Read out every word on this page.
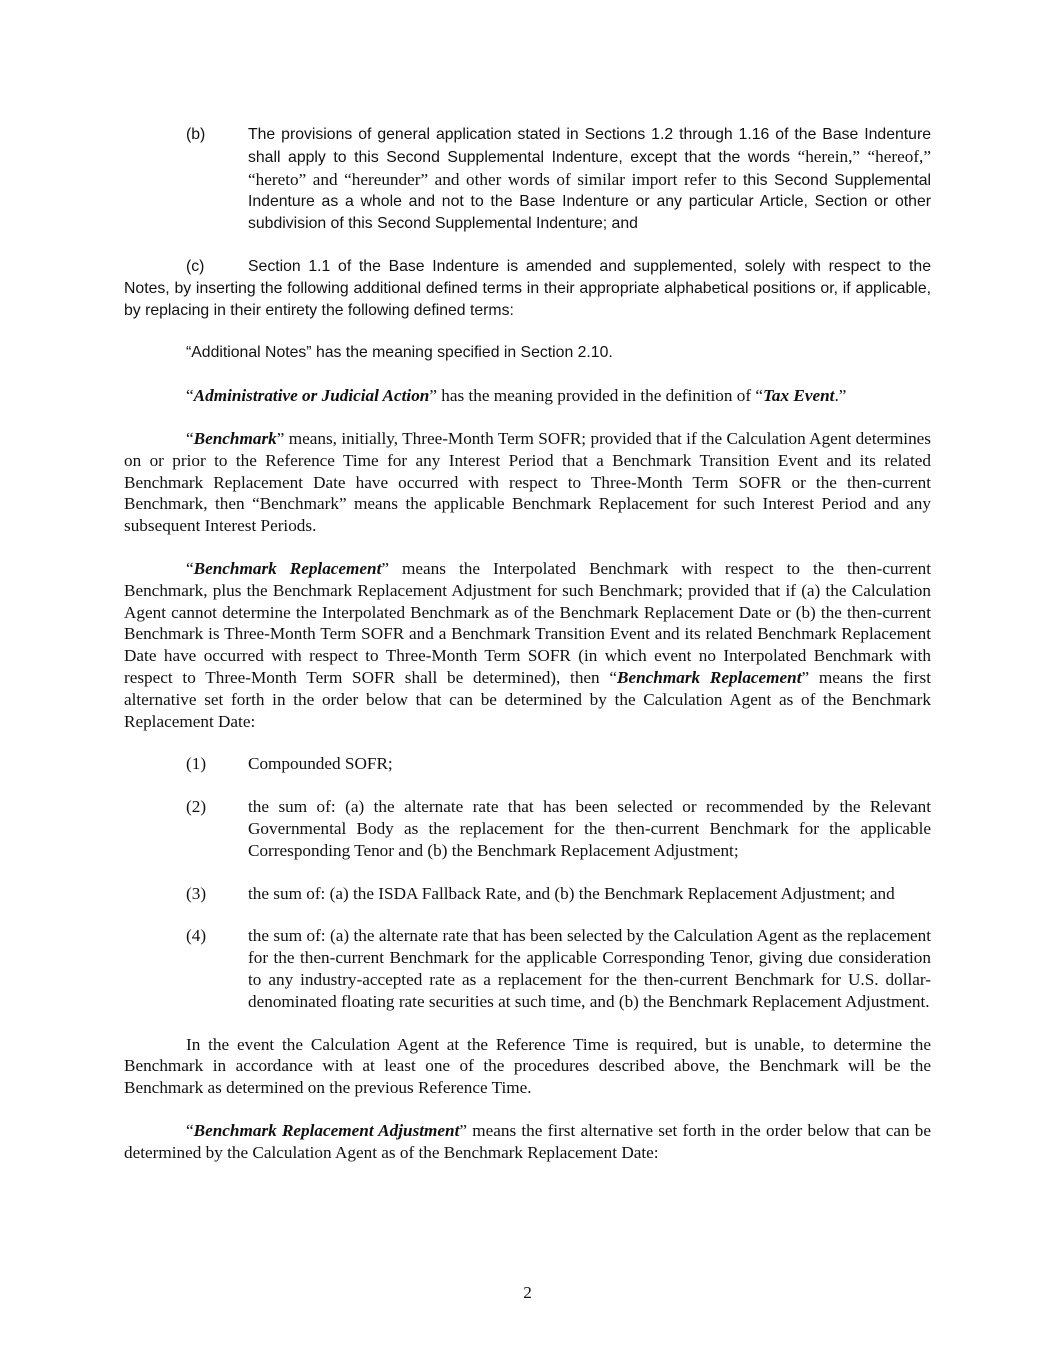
(b)	The provisions of general application stated in Sections 1.2 through 1.16 of the Base Indenture shall apply to this Second Supplemental Indenture, except that the words “herein,” “hereof,” “hereto” and “hereunder” and other words of similar import refer to this Second Supplemental Indenture as a whole and not to the Base Indenture or any particular Article, Section or other subdivision of this Second Supplemental Indenture; and

(c)	Section 1.1 of the Base Indenture is amended and supplemented, solely with respect to the Notes, by inserting the following additional defined terms in their appropriate alphabetical positions or, if applicable, by replacing in their entirety the following defined terms:

“Additional Notes” has the meaning specified in Section 2.10.

“Administrative or Judicial Action” has the meaning provided in the definition of “Tax Event.”

“Benchmark” means, initially, Three-Month Term SOFR; provided that if the Calculation Agent determines on or prior to the Reference Time for any Interest Period that a Benchmark Transition Event and its related Benchmark Replacement Date have occurred with respect to Three-Month Term SOFR or the then-current Benchmark, then “Benchmark” means the applicable Benchmark Replacement for such Interest Period and any subsequent Interest Periods.

“Benchmark Replacement” means the Interpolated Benchmark with respect to the then-current Benchmark, plus the Benchmark Replacement Adjustment for such Benchmark; provided that if (a) the Calculation Agent cannot determine the Interpolated Benchmark as of the Benchmark Replacement Date or (b) the then-current Benchmark is Three-Month Term SOFR and a Benchmark Transition Event and its related Benchmark Replacement Date have occurred with respect to Three-Month Term SOFR (in which event no Interpolated Benchmark with respect to Three-Month Term SOFR shall be determined), then “Benchmark Replacement” means the first alternative set forth in the order below that can be determined by the Calculation Agent as of the Benchmark Replacement Date:

(1) Compounded SOFR;

(2) the sum of: (a) the alternate rate that has been selected or recommended by the Relevant Governmental Body as the replacement for the then-current Benchmark for the applicable Corresponding Tenor and (b) the Benchmark Replacement Adjustment;

(3) the sum of: (a) the ISDA Fallback Rate, and (b) the Benchmark Replacement Adjustment; and

(4) the sum of: (a) the alternate rate that has been selected by the Calculation Agent as the replacement for the then-current Benchmark for the applicable Corresponding Tenor, giving due consideration to any industry-accepted rate as a replacement for the then-current Benchmark for U.S. dollar-denominated floating rate securities at such time, and (b) the Benchmark Replacement Adjustment.

In the event the Calculation Agent at the Reference Time is required, but is unable, to determine the Benchmark in accordance with at least one of the procedures described above, the Benchmark will be the Benchmark as determined on the previous Reference Time.

“Benchmark Replacement Adjustment” means the first alternative set forth in the order below that can be determined by the Calculation Agent as of the Benchmark Replacement Date:

2
